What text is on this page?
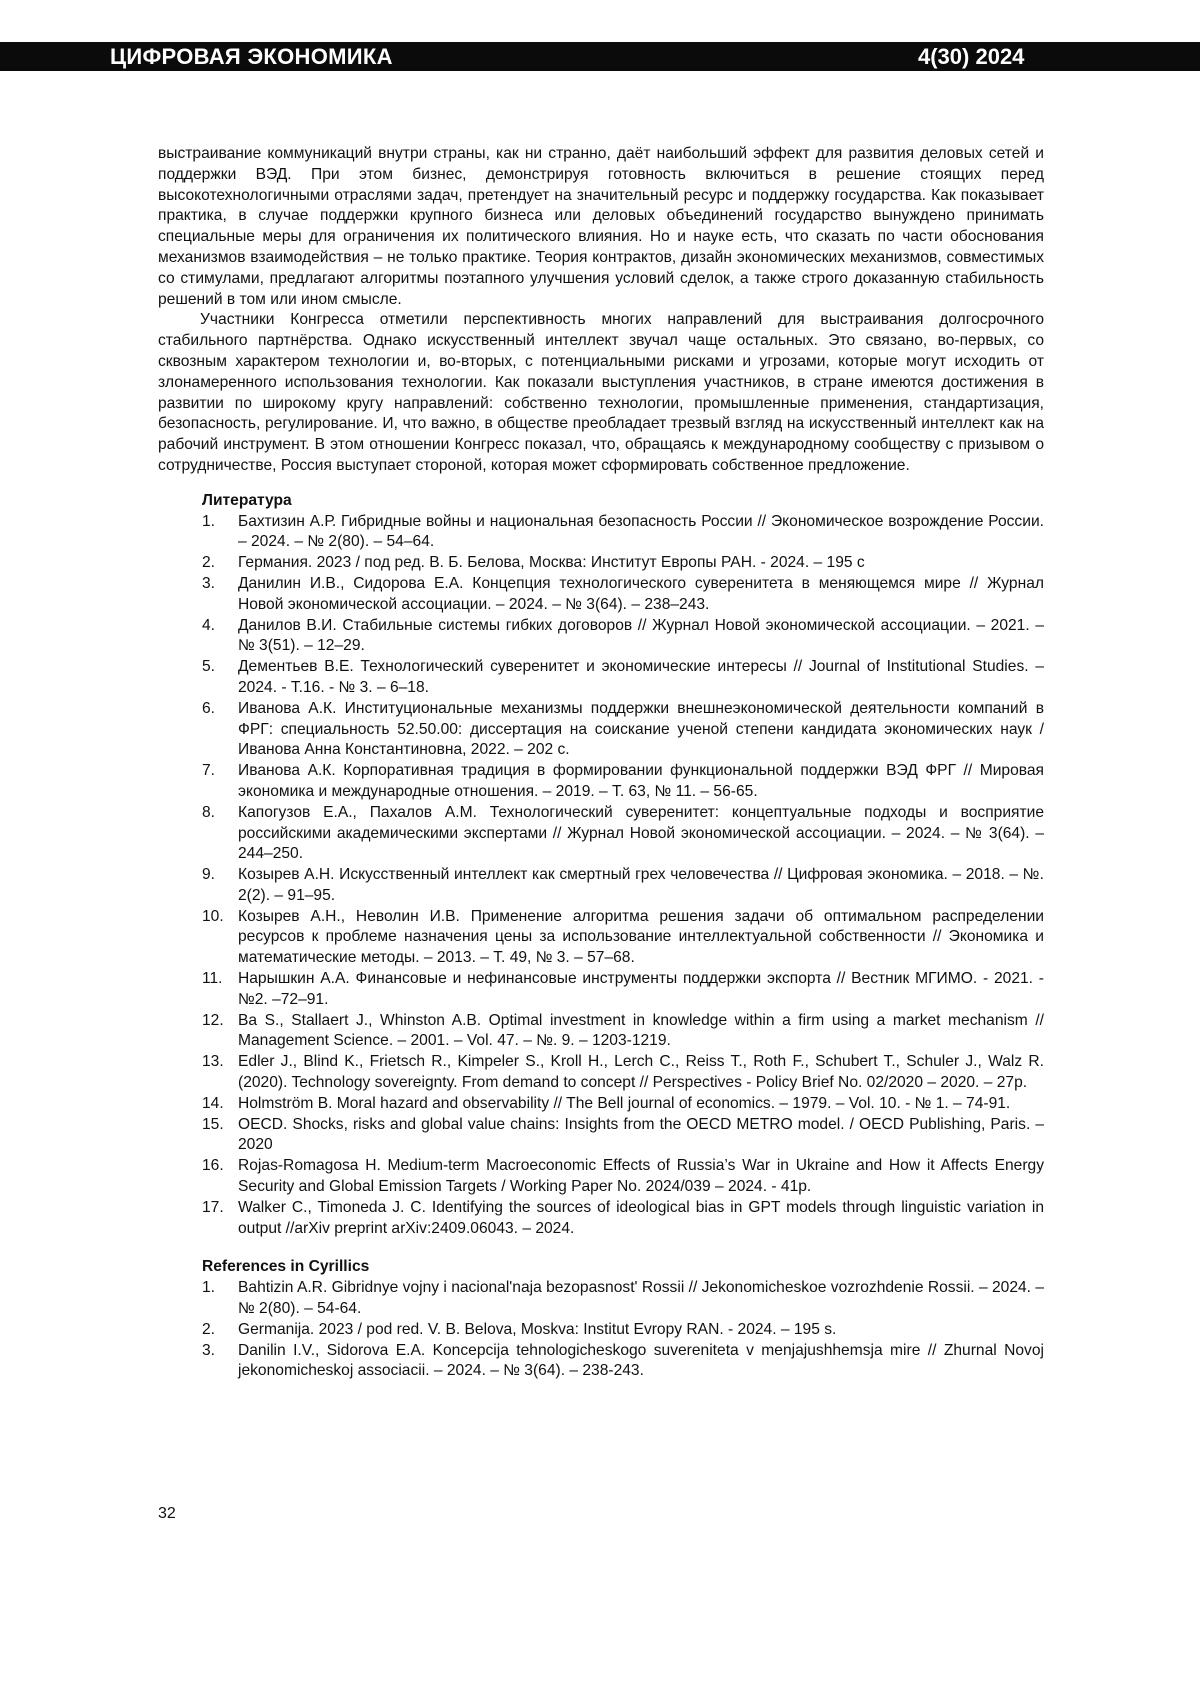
ЦИФРОВАЯ ЭКОНОМИКА	4(30) 2024

выстраивание коммуникаций внутри страны, как ни странно, даёт наибольший эффект для развития деловых сетей и поддержки ВЭД. При этом бизнес, демонстрируя готовность включиться в решение стоящих перед высокотехнологичными отраслями задач, претендует на значительный ресурс и поддержку государства. Как показывает практика, в случае поддержки крупного бизнеса или деловых объединений государство вынуждено принимать специальные меры для ограничения их политического влияния. Но и науке есть, что сказать по части обоснования механизмов взаимодействия – не только практике. Теория контрактов, дизайн экономических механизмов, совместимых со стимулами, предлагают алгоритмы поэтапного улучшения условий сделок, а также строго доказанную стабильность решений в том или ином смысле.

Участники Конгресса отметили перспективность многих направлений для выстраивания долгосрочного стабильного партнёрства. Однако искусственный интеллект звучал чаще остальных. Это связано, во-первых, со сквозным характером технологии и, во-вторых, с потенциальными рисками и угрозами, которые могут исходить от злонамеренного использования технологии. Как показали выступления участников, в стране имеются достижения в развитии по широкому кругу направлений: собственно технологии, промышленные применения, стандартизация, безопасность, регулирование. И, что важно, в обществе преобладает трезвый взгляд на искусственный интеллект как на рабочий инструмент. В этом отношении Конгресс показал, что, обращаясь к международному сообществу с призывом о сотрудничестве, Россия выступает стороной, которая может сформировать собственное предложение.

Литература
1.	Бахтизин А.Р. Гибридные войны и национальная безопасность России // Экономическое возрождение России. – 2024. – № 2(80). – 54–64.
2.	Германия. 2023 / под ред. В. Б. Белова, Москва: Институт Европы РАН. - 2024. – 195 с
3.	Данилин И.В., Сидорова Е.А. Концепция технологического суверенитета в меняющемся мире // Журнал Новой экономической ассоциации. – 2024. – № 3(64). – 238–243.
4.	Данилов В.И. Стабильные системы гибких договоров // Журнал Новой экономической ассоциации. – 2021. – № 3(51). – 12–29.
5.	Дементьев В.Е. Технологический суверенитет и экономические интересы // Journal of Institutional Studies. – 2024. - Т.16. - № 3. – 6–18.
6.	Иванова А.К. Институциональные механизмы поддержки внешнеэкономической деятельности компаний в ФРГ: специальность 52.50.00: диссертация на соискание ученой степени кандидата экономических наук / Иванова Анна Константиновна, 2022. – 202 с.
7.	Иванова А.К. Корпоративная традиция в формировании функциональной поддержки ВЭД ФРГ // Мировая экономика и международные отношения. – 2019. – Т. 63, № 11. – 56-65.
8.	Капогузов Е.А., Пахалов А.М. Технологический суверенитет: концептуальные подходы и восприятие российскими академическими экспертами // Журнал Новой экономической ассоциации. – 2024. – № 3(64). – 244–250.
9.	Козырев А.Н. Искусственный интеллект как смертный грех человечества // Цифровая экономика. – 2018. – №. 2(2). – 91–95.
10. Козырев А.Н., Неволин И.В. Применение алгоритма решения задачи об оптимальном распределении ресурсов к проблеме назначения цены за использование интеллектуальной собственности // Экономика и математические методы. – 2013. – Т. 49, № 3. – 57–68.
11. Нарышкин А.А. Финансовые и нефинансовые инструменты поддержки экспорта // Вестник МГИМО. - 2021. - №2. –72–91.
12. Ba S., Stallaert J., Whinston A.B. Optimal investment in knowledge within a firm using a market mechanism // Management Science. – 2001. – Vol. 47. – №. 9. – 1203-1219.
13. Edler J., Blind K., Frietsch R., Kimpeler S., Kroll H., Lerch C., Reiss T., Roth F., Schubert T., Schuler J., Walz R. (2020). Technology sovereignty. From demand to concept // Perspectives - Policy Brief No. 02/2020 – 2020. – 27p.
14. Holmström B. Moral hazard and observability // The Bell journal of economics. – 1979. – Vol. 10. - № 1. – 74-91.
15. OECD. Shocks, risks and global value chains: Insights from the OECD METRO model. / OECD Publishing, Paris. – 2020
16. Rojas-Romagosa H. Medium-term Macroeconomic Effects of Russia’s War in Ukraine and How it Affects Energy Security and Global Emission Targets / Working Paper No. 2024/039 – 2024. - 41p.
17. Walker C., Timoneda J. C. Identifying the sources of ideological bias in GPT models through linguistic variation in output //arXiv preprint arXiv:2409.06043. – 2024.
References in Cyrillics
1.	Bahtizin A.R. Gibridnye vojny i nacional'naja bezopasnost' Rossii // Jekonomicheskoe vozrozhdenie Rossii. – 2024. – № 2(80). – 54-64.
2.	Germanija. 2023 / pod red. V. B. Belova, Moskva: Institut Evropy RAN. - 2024. – 195 s.
3.	Danilin I.V., Sidorova E.A. Koncepcija tehnologicheskogo suvereniteta v menjajushhemsja mire // Zhurnal Novoj jekonomicheskoj associacii. – 2024. – № 3(64). – 238-243.
32
